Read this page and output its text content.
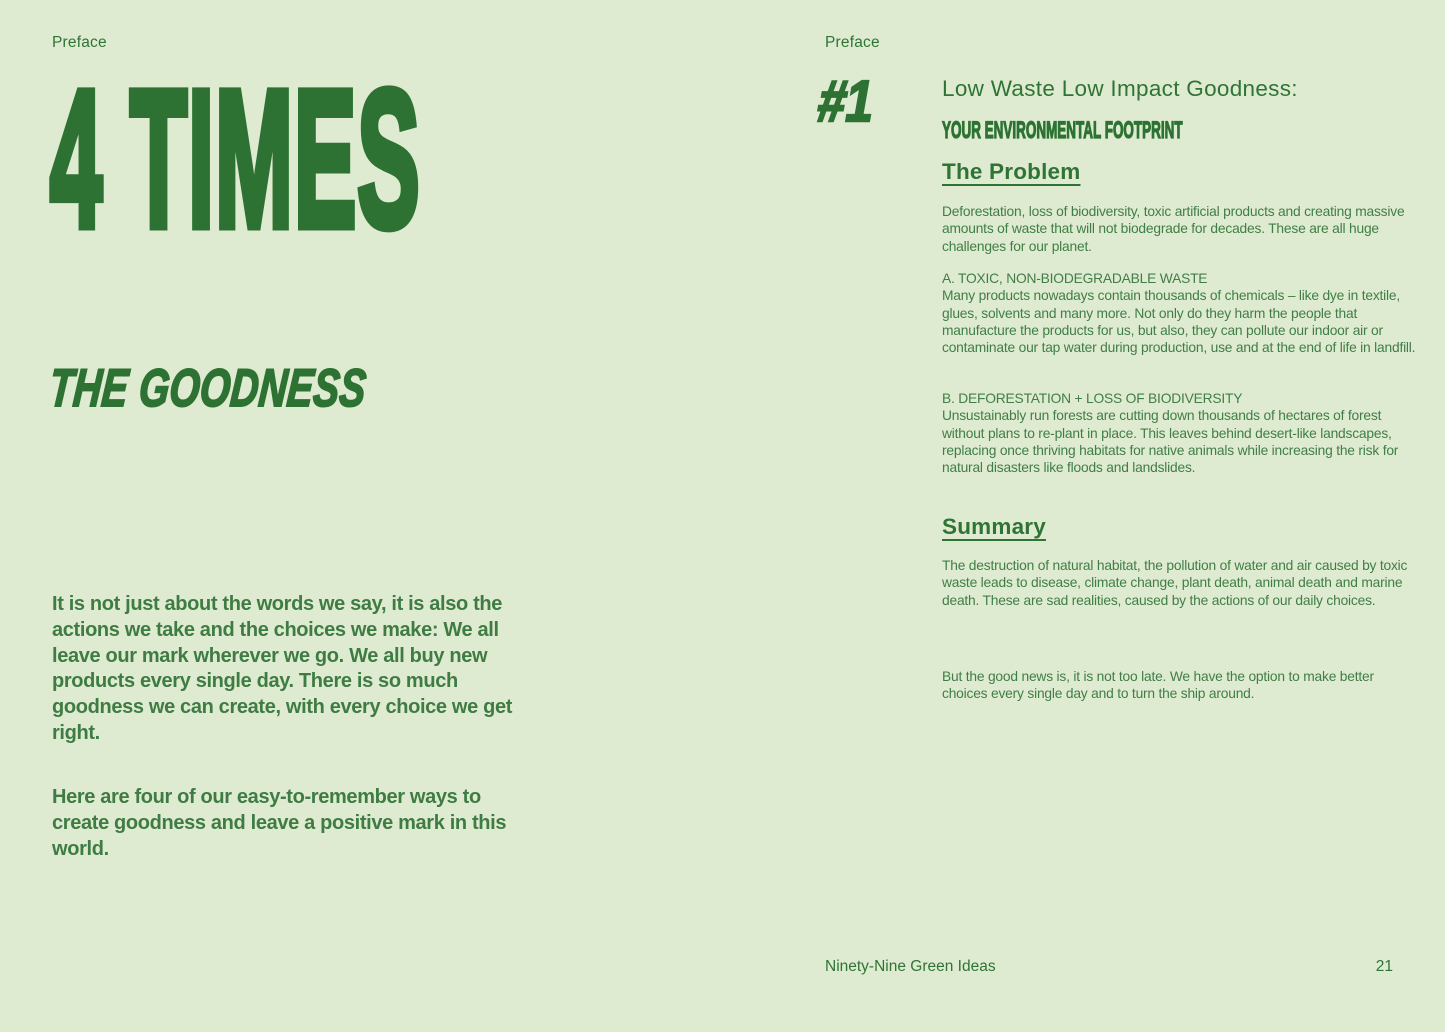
Preface
4 TIMES
THE GOODNESS

It is not just about the words we say, it is also the actions we take and the choices we make: We all leave our mark wherever we go. We all buy new products every single day. There is so much goodness we can create, with every choice we get right.

Here are four of our easy-to-remember ways to create goodness and leave a positive mark in this world.

Preface
#1	Low Waste Low Impact Goodness:
YOUR ENVIRONMENTAL FOOTPRINT
The Problem

Deforestation, loss of biodiversity, toxic artificial products and creating massive amounts of waste that will not biodegrade for decades. These are all huge challenges for our planet.

A. TOXIC, NON-BIODEGRADABLE WASTE
Many products nowadays contain thousands of chemicals – like dye in textile, glues, solvents and many more. Not only do they harm the people that manufacture the products for us, but also, they can pollute our indoor air or contaminate our tap water during production, use and at the end of life in landfill.
B. DEFORESTATION + LOSS OF BIODIVERSITY
Unsustainably run forests are cutting down thousands of hectares of forest without plans to re-plant in place. This leaves behind desert-like landscapes, replacing once thriving habitats for native animals while increasing the risk for natural disasters like floods and landslides.
Summary

The destruction of natural habitat, the pollution of water and air caused by toxic waste leads to disease, climate change, plant death, animal death and marine death. These are sad realities, caused by the actions of our daily choices.

But the good news is, it is not too late. We have the option to make better choices every single day and to turn the ship around.

Ninety-Nine Green Ideas	21
